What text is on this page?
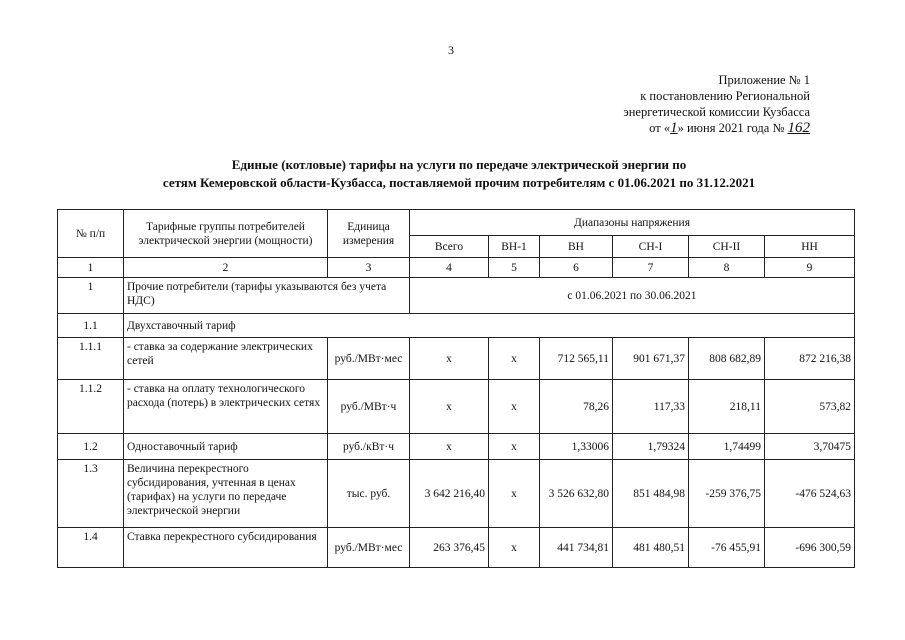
3
Приложение № 1
к постановлению Региональной
энергетической комиссии Кузбасса
от «1» июня 2021 года № 162
Единые (котловые) тарифы на услуги по передаче электрической энергии по
сетям Кемеровской области-Кузбасса, поставляемой прочим потребителям с 01.06.2021 по 31.12.2021
№ п/п	Тарифные группы потребителей электрической энергии (мощности)	Единица измерения	Диапазоны напряжения					
			Всего	ВН-1	ВН	СН-I	СН-II	НН
1	2	3	4	5	6	7	8	9
1	Прочие потребители (тарифы указываются без учета НДС)		с 01.06.2021 по 30.06.2021					
1.1	Двухставочный тариф							
1.1.1	- ставка за содержание электрических сетей	руб./МВт·мес	х	х	712 565,11	901 671,37	808 682,89	872 216,38
1.1.2	- ставка на оплату технологического расхода (потерь) в электрических сетях	руб./МВт·ч	х	х	78,26	117,33	218,11	573,82
1.2	Одноставочный тариф	руб./кВт·ч	х	х	1,33006	1,79324	1,74499	3,70475
1.3	Величина перекрестного субсидирования, учтенная в ценах (тарифах) на услуги по передаче электрической энергии	тыс. руб.	3 642 216,40	х	3 526 632,80	851 484,98	-259 376,75	-476 524,63
1.4	Ставка перекрестного субсидирования	руб./МВт·мес	263 376,45	х	441 734,81	481 480,51	-76 455,91	-696 300,59
